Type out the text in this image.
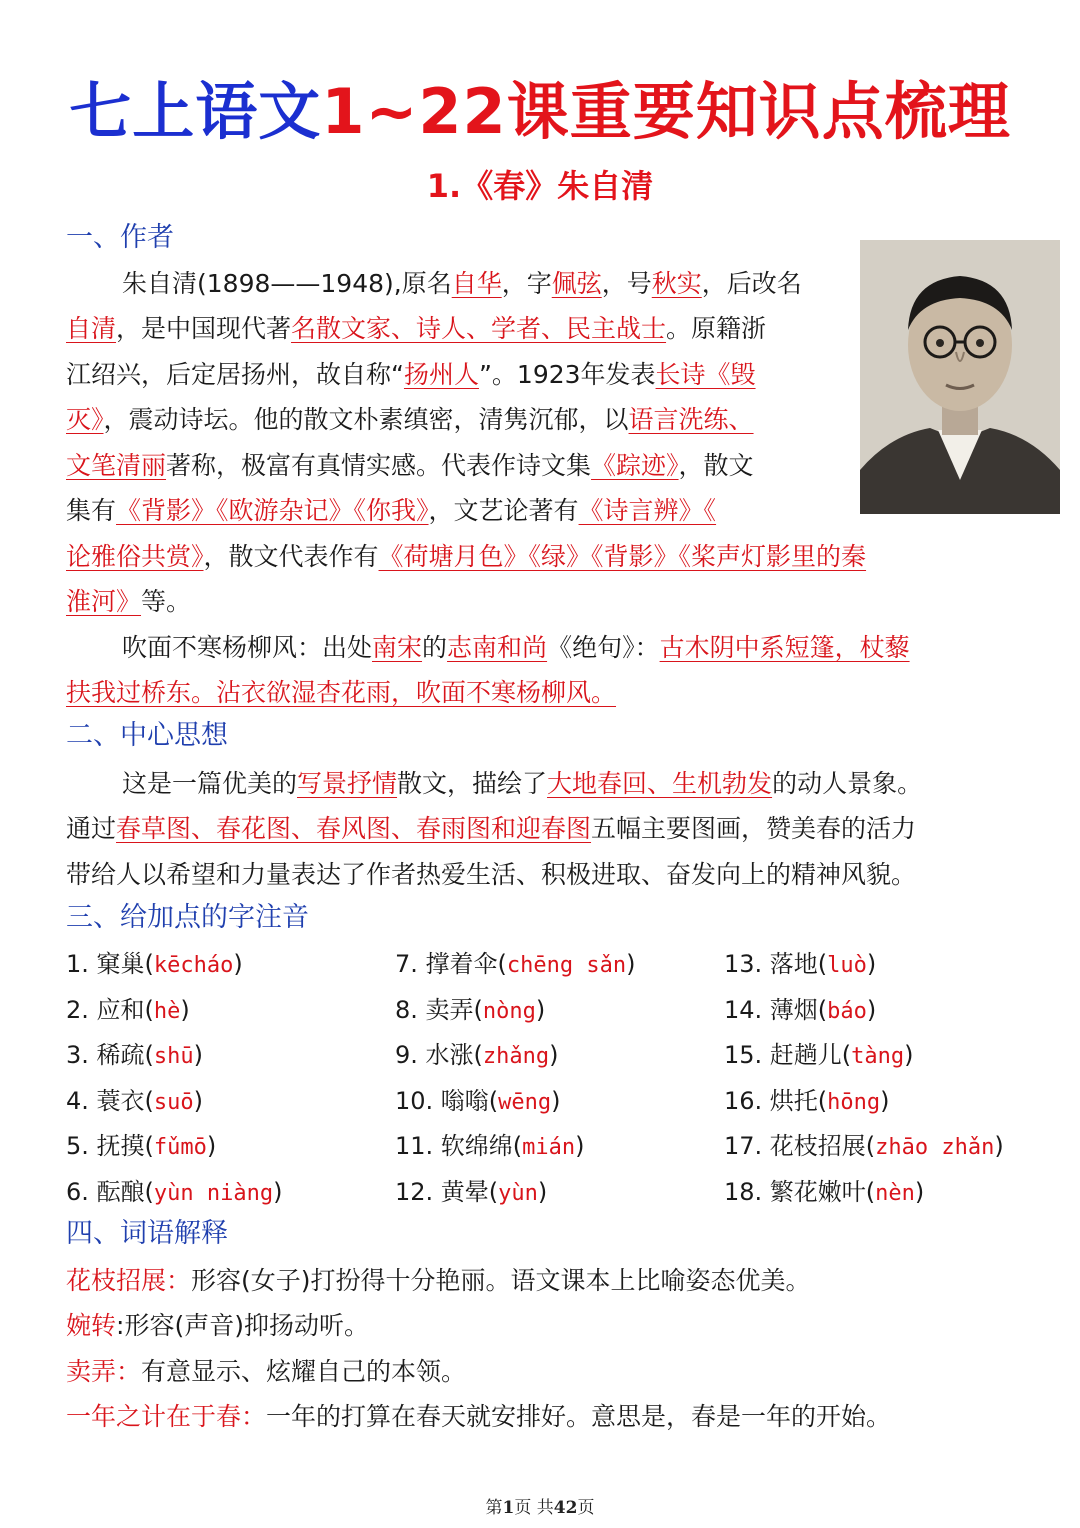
七上语文1~22课重要知识点梳理
1.《春》朱自清
一、作者
朱自清(1898——1948),原名自华，字佩弦，号秋实，后改名
自清，是中国现代著名散文家、诗人、学者、民主战士。原籍浙
江绍兴，后定居扬州，故自称“扬州人”。1923年发表长诗《毁
灭》，震动诗坛。他的散文朴素缜密，清隽沉郁，以语言洗练、
文笔清丽著称，极富有真情实感。代表作诗文集《踪迹》，散文
集有《背影》《欧游杂记》《你我》，文艺论著有《诗言辨》《
论雅俗共赏》，散文代表作有《荷塘月色》《绿》《背影》《桨声灯影里的秦
淮河》等。
吹面不寒杨柳风：出处南宋的志南和尚《绝句》：古木阴中系短篷，杖藜
扶我过桥东。沾衣欲湿杏花雨，吹面不寒杨柳风。
二、中心思想
这是一篇优美的写景抒情散文，描绘了大地春回、生机勃发的动人景象。
通过春草图、春花图、春风图、春雨图和迎春图五幅主要图画，赞美春的活力
带给人以希望和力量表达了作者热爱生活、积极进取、奋发向上的精神风貌。
三、给加点的字注音
1. 窠巢(kēcháo)
2. 应和(hè)
3. 稀疏(shū)
4. 蓑衣(suō)
5. 抚摸(fǔmō)
6. 酝酿(yùn niàng)
7. 撑着伞(chēng sǎn)
8. 卖弄(nòng)
9. 水涨(zhǎng)
10. 嗡嗡(wēng)
11. 软绵绵(mián)
12. 黄晕(yùn)
13. 落地(luò)
14. 薄烟(báo)
15. 赶趟儿(tàng)
16. 烘托(hōng)
17. 花枝招展(zhāo zhǎn)
18. 繁花嫩叶(nèn)
四、词语解释
花枝招展：形容(女子)打扮得十分艳丽。语文课本上比喻姿态优美。
婉转:形容(声音)抑扬动听。
卖弄：有意显示、炫耀自己的本领。
一年之计在于春：一年的打算在春天就安排好。意思是，春是一年的开始。
第1页 共42页
